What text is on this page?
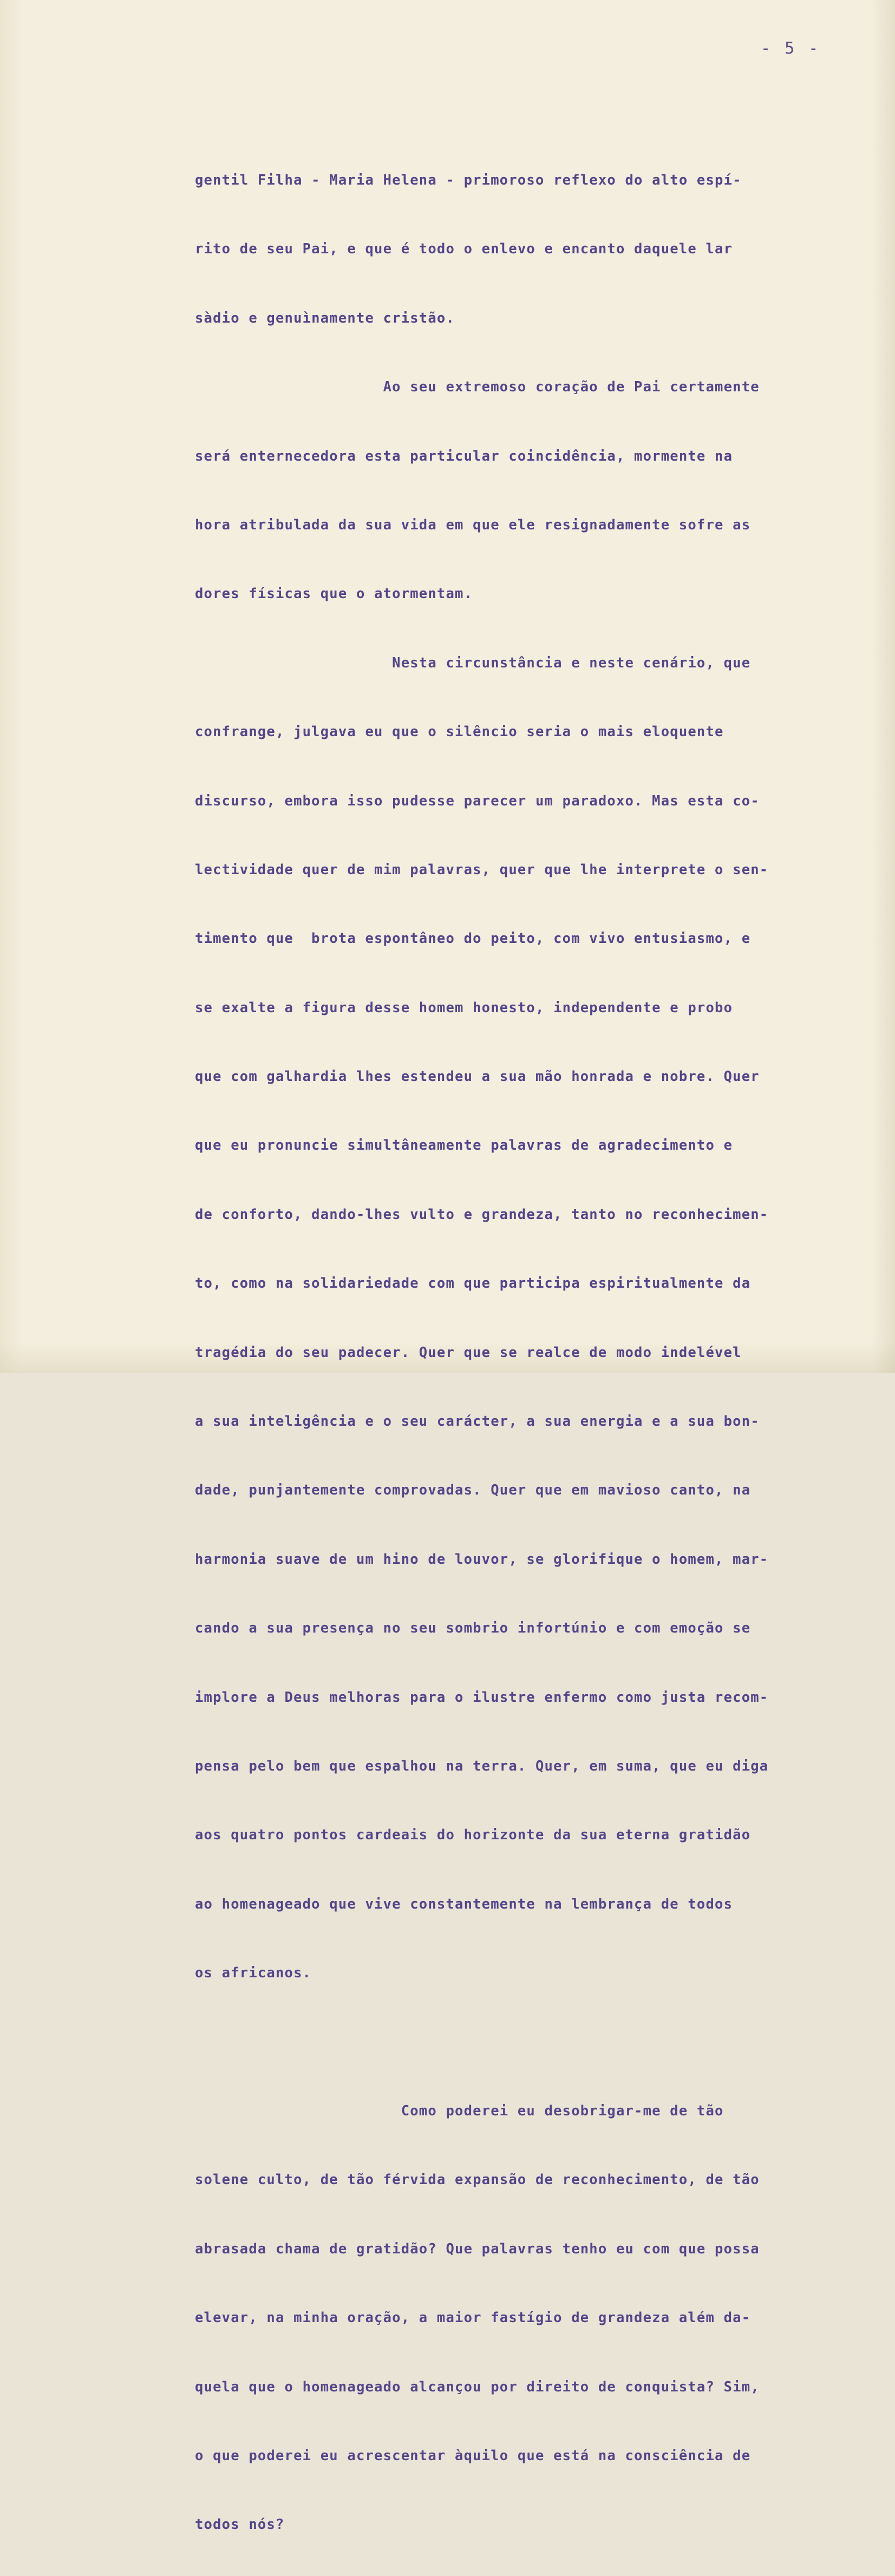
- 5 -

gentil Filha - Maria Helena - primoroso reflexo do alto espí-

rito de seu Pai, e que é todo o enlevo e encanto daquele lar

sàdio e genuìnamente cristão.

Ao seu extremoso coração de Pai certamente

será enternecedora esta particular coincidência, mormente na

hora atribulada da sua vida em que ele resignadamente sofre as

dores físicas que o atormentam.

Nesta circunstância e neste cenário, que

confrange, julgava eu que o silêncio seria o mais eloquente

discurso, embora isso pudesse parecer um paradoxo. Mas esta co-

lectividade quer de mim palavras, quer que lhe interprete o sen-

timento que  brota espontâneo do peito, com vivo entusiasmo, e

se exalte a figura desse homem honesto, independente e probo

que com galhardia lhes estendeu a sua mão honrada e nobre. Quer

que eu pronuncie simultâneamente palavras de agradecimento e

de conforto, dando-lhes vulto e grandeza, tanto no reconhecimen-

to, como na solidariedade com que participa espiritualmente da

tragédia do seu padecer. Quer que se realce de modo indelével

a sua inteligência e o seu carácter, a sua energia e a sua bon-

dade, punjantemente comprovadas. Quer que em mavioso canto, na

harmonia suave de um hino de louvor, se glorifique o homem, mar-

cando a sua presença no seu sombrio infortúnio e com emoção se

implore a Deus melhoras para o ilustre enfermo como justa recom-

pensa pelo bem que espalhou na terra. Quer, em suma, que eu diga

aos quatro pontos cardeais do horizonte da sua eterna gratidão

ao homenageado que vive constantemente na lembrança de todos

os africanos.

Como poderei eu desobrigar-me de tão

solene culto, de tão férvida expansão de reconhecimento, de tão

abrasada chama de gratidão? Que palavras tenho eu com que possa

elevar, na minha oração, a maior fastígio de grandeza além da-

quela que o homenageado alcançou por direito de conquista? Sim,

o que poderei eu acrescentar àquilo que está na consciência de

todos nós?
